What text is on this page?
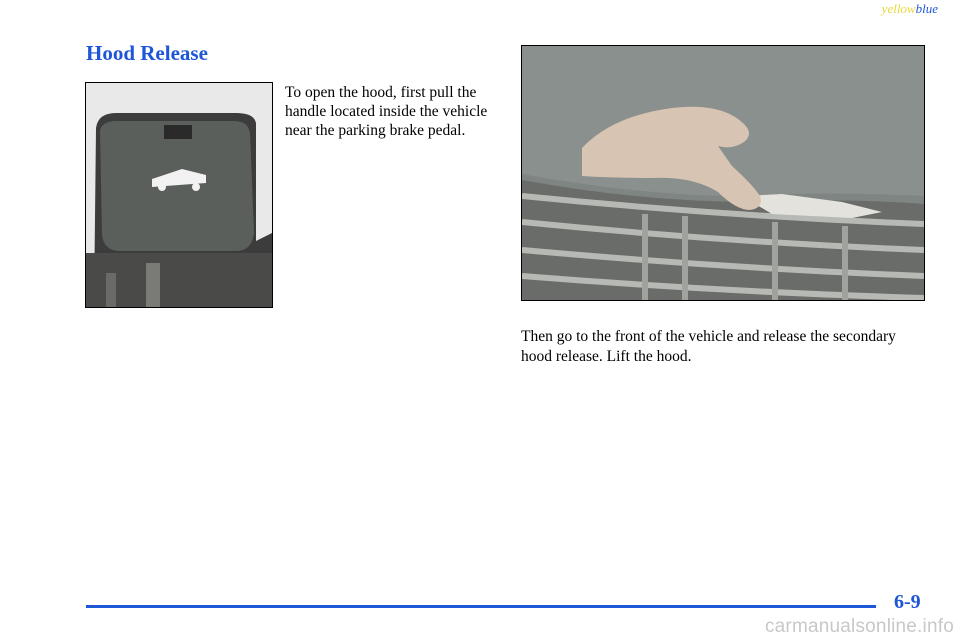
yellowblue
Hood Release

To open the hood, first pull the handle located inside the vehicle near the parking brake pedal.

Then go to the front of the vehicle and release the secondary hood release. Lift the hood.

6-9
carmanualsonline.info
